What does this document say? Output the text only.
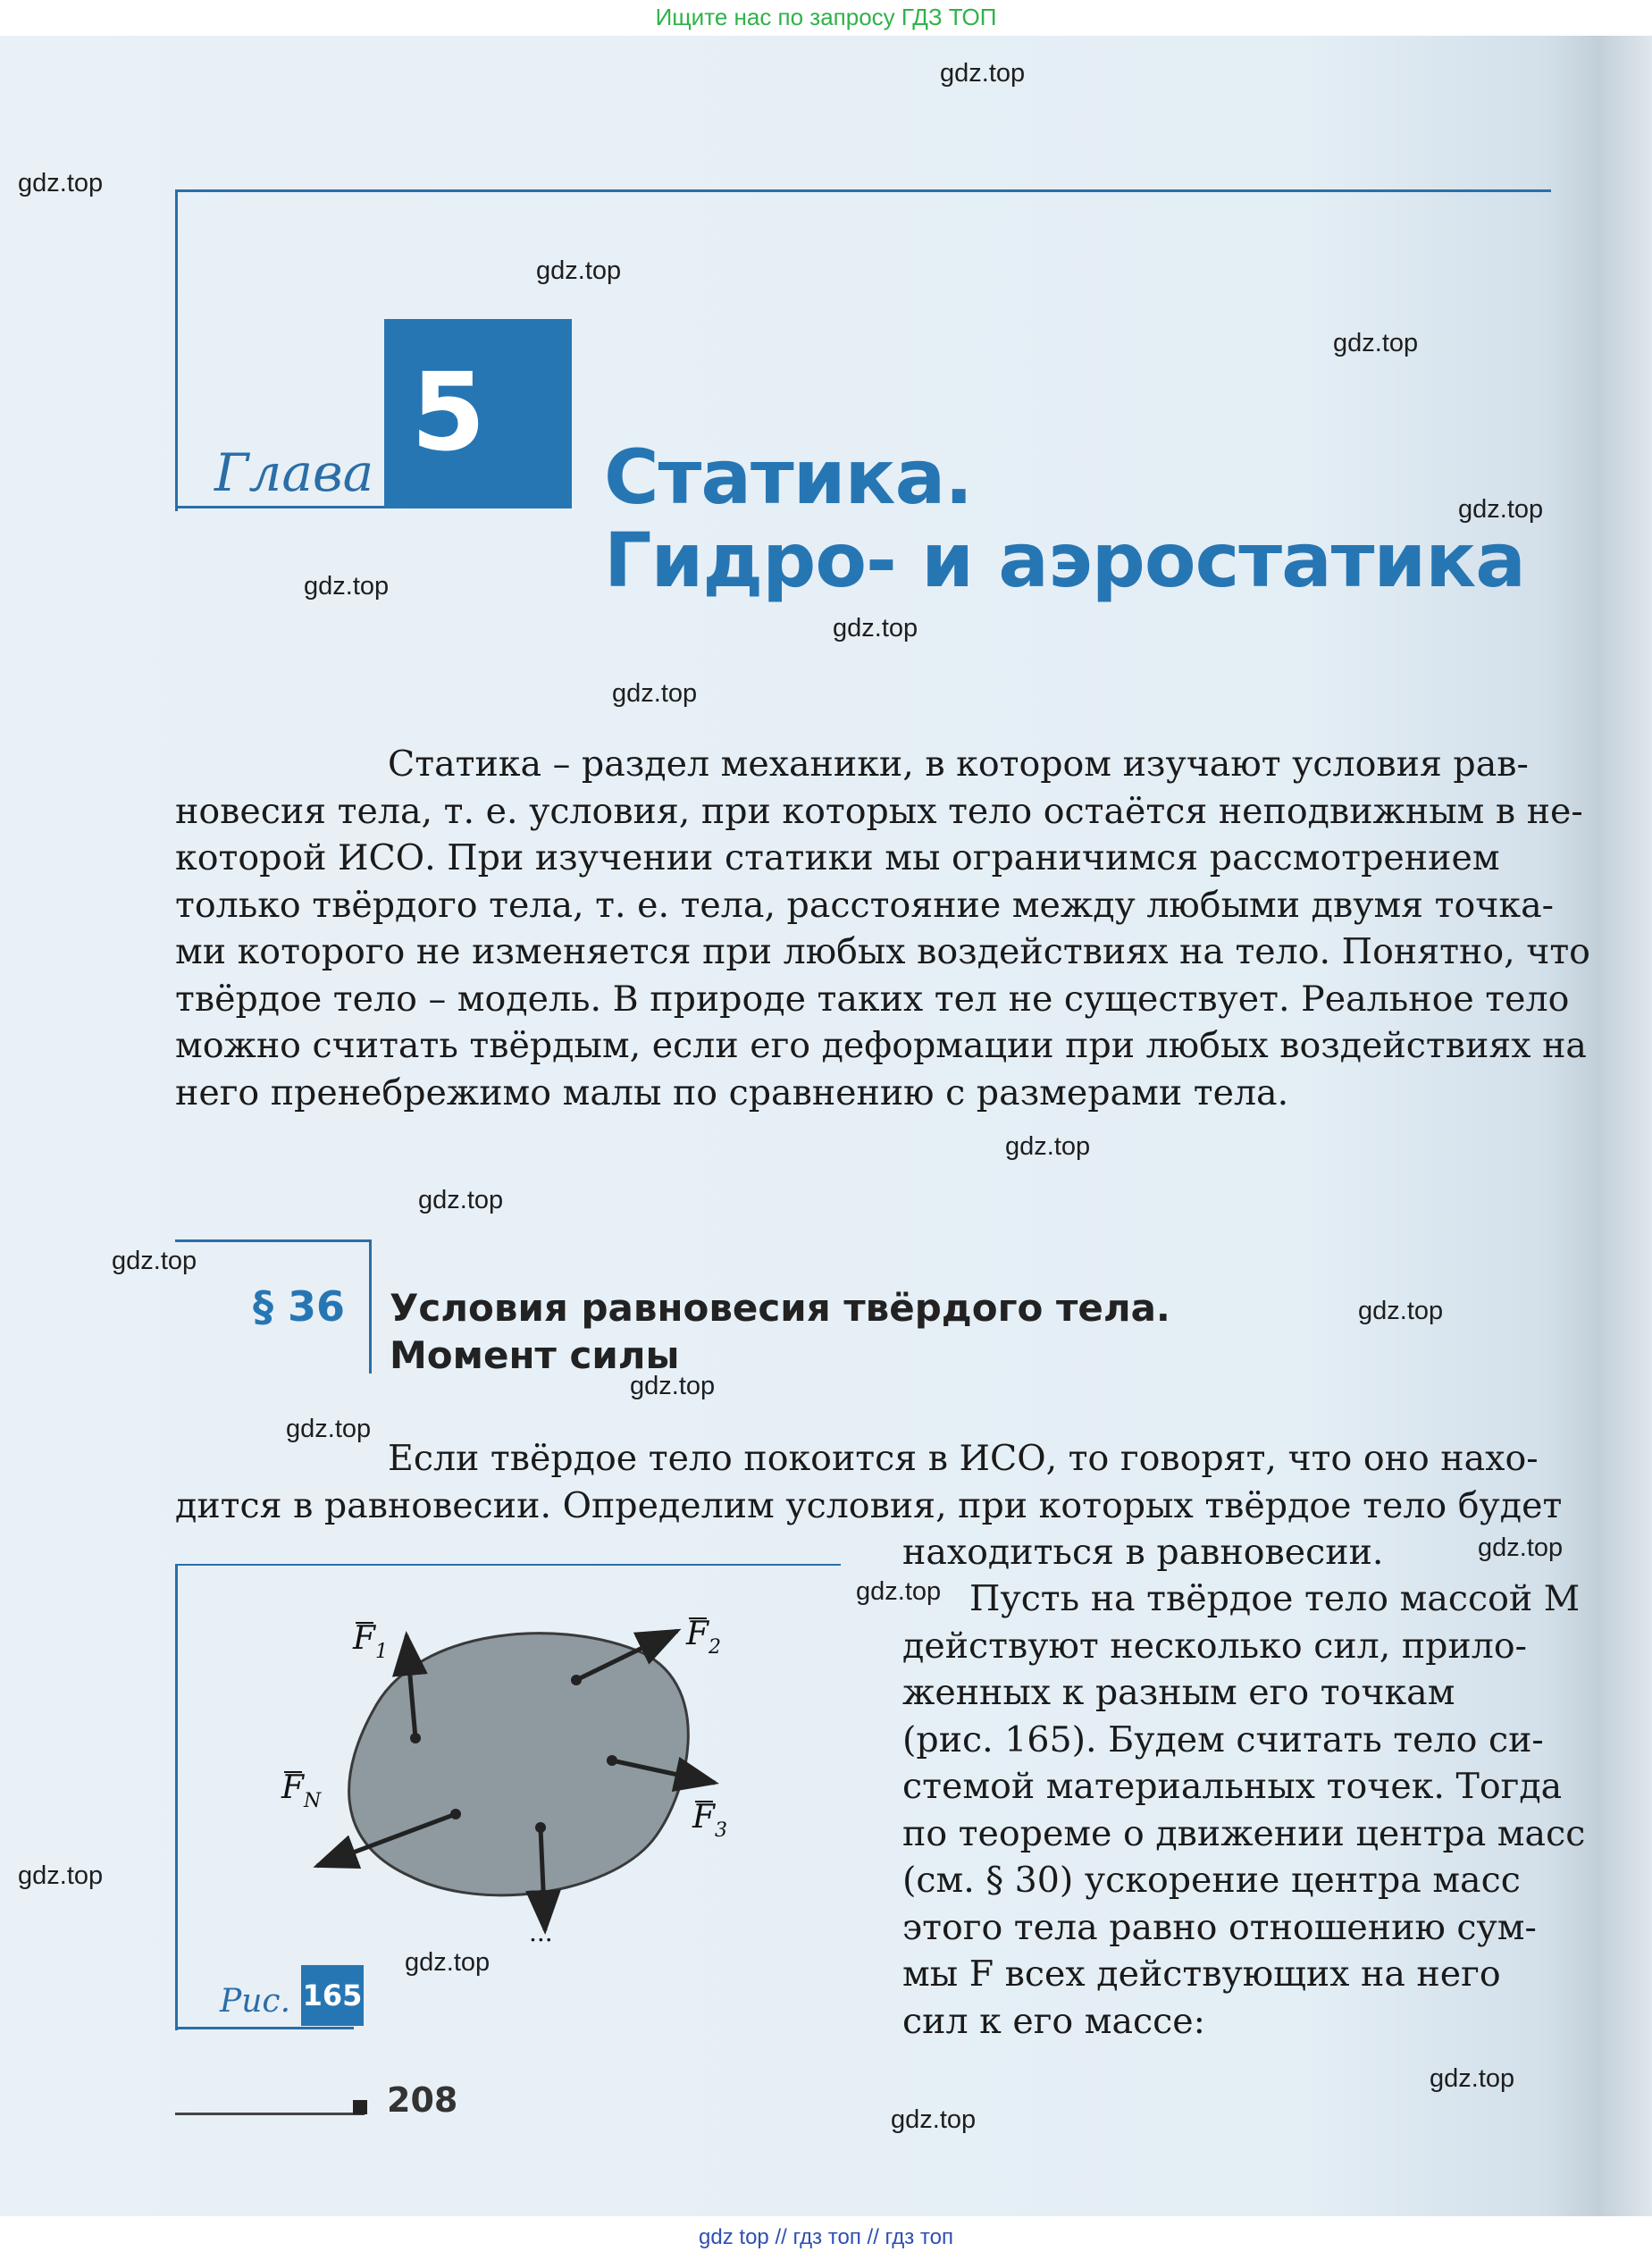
Ищите нас по запросу ГДЗ ТОП
Глава 5
Статика.
Гидро- и аэростатика
Статика – раздел механики, в котором изучают условия рав-
новесия тела, т. е. условия, при которых тело остаётся неподвижным в не-
которой ИСО. При изучении статики мы ограничимся рассмотрением
только твёрдого тела, т. е. тела, расстояние между любыми двумя точка-
ми которого не изменяется при любых воздействиях на тело. Понятно, что
твёрдое тело – модель. В природе таких тел не существует. Реальное тело
можно считать твёрдым, если его деформации при любых воздействиях на
него пренебрежимо малы по сравнению с размерами тела.
§ 36 Условия равновесия твёрдого тела.
Момент силы
Если твёрдое тело покоится в ИСО, то говорят, что оно нахо-
дится в равновесии. Определим условия, при которых твёрдое тело будет
находиться в равновесии.
$F_1$	$F_2$
$F_3$
$F_N$
...
Рис. 165
Пусть на твёрдое тело массой M
действуют несколько сил, прило-
женных к разным его точкам
(рис. 165). Будем считать тело си-
стемой материальных точек. Тогда
по теореме о движении центра масс
(см. § 30) ускорение центра масс
этого тела равно отношению сум-
мы F всех действующих на него
сил к его массе:
208
gdz top // гдз топ // гдз топ
gdz.top
gdz.top
gdz.top
gdz.top
gdz.top
gdz.top
gdz.top
gdz.top
gdz.top
gdz.top
gdz.top
gdz.top
gdz.top
gdz.top
gdz.top
gdz.top
gdz.top
gdz.top
gdz.top
gdz.top
